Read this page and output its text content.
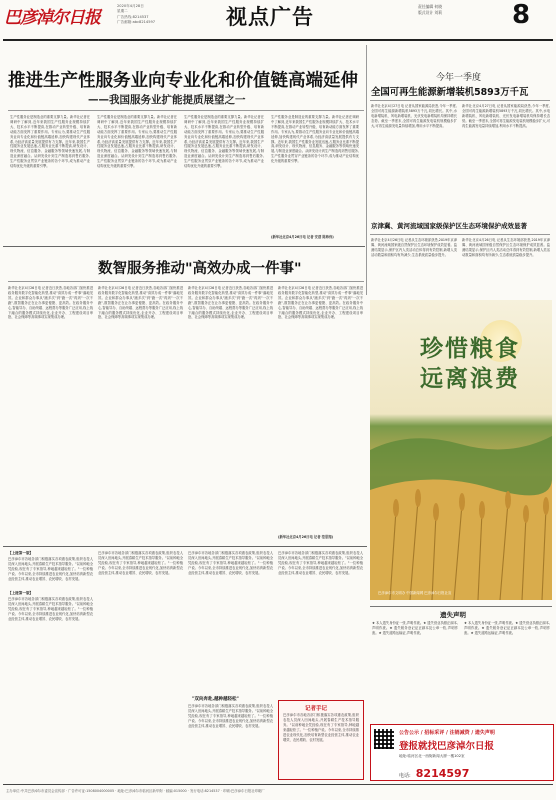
巴彦淖尔日报
2020年4月28日
星期二
广告热线:8214537
广告邮箱:abc8214597	视点广告	责任编辑 何晓
版式设计 刘莉	8
推进生产性服务业向专业化和价值链高端延伸
——我国服务业扩能提质展望之一
生产性服务业是制造业的重要支撑力量。新华社记者在调研中了解到,近年来我国生产性服务业规模持续扩大、技术水平不断提高,在推动产业转型升级、培育新动能方面发挥了重要作用。专家认为,要推动生产性服务业向专业化和价值链高端延伸,加快构建现代产业体系,为经济高质量发展提供有力支撑。近年来,我国生产性服务业发展迅速,占服务业比重不断提高,研发设计、现代物流、信息服务、金融服务等领域快速发展,与制造业深度融合。从研发设计到生产制造再到售后服务,生产性服务业贯穿产业链条的各个环节,成为推动产业结构优化升级的重要引擎。
生产性服务业是制造业的重要支撑力量。新华社记者在调研中了解到,近年来我国生产性服务业规模持续扩大、技术水平不断提高,在推动产业转型升级、培育新动能方面发挥了重要作用。专家认为,要推动生产性服务业向专业化和价值链高端延伸,加快构建现代产业体系,为经济高质量发展提供有力支撑。近年来,我国生产性服务业发展迅速,占服务业比重不断提高,研发设计、现代物流、信息服务、金融服务等领域快速发展,与制造业深度融合。从研发设计到生产制造再到售后服务,生产性服务业贯穿产业链条的各个环节,成为推动产业结构优化升级的重要引擎。
生产性服务业是制造业的重要支撑力量。新华社记者在调研中了解到,近年来我国生产性服务业规模持续扩大、技术水平不断提高,在推动产业转型升级、培育新动能方面发挥了重要作用。专家认为,要推动生产性服务业向专业化和价值链高端延伸,加快构建现代产业体系,为经济高质量发展提供有力支撑。近年来,我国生产性服务业发展迅速,占服务业比重不断提高,研发设计、现代物流、信息服务、金融服务等领域快速发展,与制造业深度融合。从研发设计到生产制造再到售后服务,生产性服务业贯穿产业链条的各个环节,成为推动产业结构优化升级的重要引擎。
生产性服务业是制造业的重要支撑力量。新华社记者在调研中了解到,近年来我国生产性服务业规模持续扩大、技术水平不断提高,在推动产业转型升级、培育新动能方面发挥了重要作用。专家认为,要推动生产性服务业向专业化和价值链高端延伸,加快构建现代产业体系,为经济高质量发展提供有力支撑。近年来,我国生产性服务业发展迅速,占服务业比重不断提高,研发设计、现代物流、信息服务、金融服务等领域快速发展,与制造业深度融合。从研发设计到生产制造再到售后服务,生产性服务业贯穿产业链条的各个环节,成为推动产业结构优化升级的重要引擎。
(新华社北京4月26日电 记者 安蓓 陈炜伟)
今年一季度
全国可再生能源新增装机5893万千瓦
新华社北京4月27日电 记者从国家能源局获悉,今年一季度,全国可再生能源新增装机5893万千瓦,同比增长。其中,水电新增装机、风电新增装机、光伏发电新增装机均保持增长态势。截至一季度末,全国可再生能源发电装机规模稳步扩大,可再生能源发电量持续增加,利用水平不断提高。
新华社北京4月27日电 记者从国家能源局获悉,今年一季度,全国可再生能源新增装机5893万千瓦,同比增长。其中,水电新增装机、风电新增装机、光伏发电新增装机均保持增长态势。截至一季度末,全国可再生能源发电装机规模稳步扩大,可再生能源发电量持续增加,利用水平不断提高。
京津冀、黄河流域国家级保护区生态环境保护成效显著
新华社北京4月26日电 记者从生态环境部获悉,2019年京津冀、黄河流域国家级自然保护区生态环境保护成效显著。监测结果显示,保护区内人类活动总体得到有效控制,新增人类活动数量和面积均有所减少,生态系统质量稳步提升。
新华社北京4月26日电 记者从生态环境部获悉,2019年京津冀、黄河流域国家级自然保护区生态环境保护成效显著。监测结果显示,保护区内人类活动总体得到有效控制,新增人类活动数量和面积均有所减少,生态系统质量稳步提升。
数智服务推动"高效办成一件事"
新华社北京4月26日电 记者近日获悉,各地各部门加快推进政务服务数字化智能化转型,推动"高效办成一件事"落地见效。企业和群众办事从"跑多次"到"跑一次"再到"一次不跑",数智服务正在让办事更便捷、更高效。在政务服务中心,智能导办、自助终端、远程帮办等服务广泛应用,线上线下融合的服务模式持续优化,企业开办、工程建设项目审批、社会保障等高频事项实现集成办理。
新华社北京4月26日电 记者近日获悉,各地各部门加快推进政务服务数字化智能化转型,推动"高效办成一件事"落地见效。企业和群众办事从"跑多次"到"跑一次"再到"一次不跑",数智服务正在让办事更便捷、更高效。在政务服务中心,智能导办、自助终端、远程帮办等服务广泛应用,线上线下融合的服务模式持续优化,企业开办、工程建设项目审批、社会保障等高频事项实现集成办理。
新华社北京4月26日电 记者近日获悉,各地各部门加快推进政务服务数字化智能化转型,推动"高效办成一件事"落地见效。企业和群众办事从"跑多次"到"跑一次"再到"一次不跑",数智服务正在让办事更便捷、更高效。在政务服务中心,智能导办、自助终端、远程帮办等服务广泛应用,线上线下融合的服务模式持续优化,企业开办、工程建设项目审批、社会保障等高频事项实现集成办理。
新华社北京4月26日电 记者近日获悉,各地各部门加快推进政务服务数字化智能化转型,推动"高效办成一件事"落地见效。企业和群众办事从"跑多次"到"跑一次"再到"一次不跑",数智服务正在让办事更便捷、更高效。在政务服务中心,智能导办、自助终端、远程帮办等服务广泛应用,线上线下融合的服务模式持续优化,企业开办、工程建设项目审批、社会保障等高频事项实现集成办理。
(新华社北京4月26日电 记者 范思翔)
珍惜粮食
远离浪费
巴彦淖尔市文明办 中国新闻网 巴彦淖尔日报社宣
【上接第一版】
巴彦淖尔市各地各部门积极落实各项惠农政策,组织农技人员深入田间地头,开展春耕生产技术指导服务。"以前种地全凭经验,现在有了专家指导,种地越来越轻松了。"一位种植户说。今年以来,全市持续推进农业现代化,加快培育新型农业经营主体,推动农业增效、农民增收、农村发展。
【上接第一版】
巴彦淖尔市各地各部门积极落实各项惠农政策,组织农技人员深入田间地头,开展春耕生产技术指导服务。"以前种地全凭经验,现在有了专家指导,种地越来越轻松了。"一位种植户说。今年以来,全市持续推进农业现代化,加快培育新型农业经营主体,推动农业增效、农民增收、农村发展。
巴彦淖尔市各地各部门积极落实各项惠农政策,组织农技人员深入田间地头,开展春耕生产技术指导服务。"以前种地全凭经验,现在有了专家指导,种地越来越轻松了。"一位种植户说。今年以来,全市持续推进农业现代化,加快培育新型农业经营主体,推动农业增效、农民增收、农村发展。
巴彦淖尔市各地各部门积极落实各项惠农政策,组织农技人员深入田间地头,开展春耕生产技术指导服务。"以前种地全凭经验,现在有了专家指导,种地越来越轻松了。"一位种植户说。今年以来,全市持续推进农业现代化,加快培育新型农业经营主体,推动农业增效、农民增收、农村发展。
"双向奔赴,越种越轻松"
巴彦淖尔市各地各部门积极落实各项惠农政策,组织农技人员深入田间地头,开展春耕生产技术指导服务。"以前种地全凭经验,现在有了专家指导,种地越来越轻松了。"一位种植户说。今年以来,全市持续推进农业现代化,加快培育新型农业经营主体,推动农业增效、农民增收、农村发展。
巴彦淖尔市各地各部门积极落实各项惠农政策,组织农技人员深入田间地头,开展春耕生产技术指导服务。"以前种地全凭经验,现在有了专家指导,种地越来越轻松了。"一位种植户说。今年以来,全市持续推进农业现代化,加快培育新型农业经营主体,推动农业增效、农民增收、农村发展。
记者手记
巴彦淖尔市各地各部门积极落实各项惠农政策,组织农技人员深入田间地头,开展春耕生产技术指导服务。"以前种地全凭经验,现在有了专家指导,种地越来越轻松了。"一位种植户说。今年以来,全市持续推进农业现代化,加快培育新型农业经营主体,推动农业增效、农民增收、农村发展。
遗失声明
★ 本人遗失身份证一张,声明作废。★ 遗失营业执照正副本,声明作废。★ 遗失税务登记证正副本及公章一枚,声明作废。★ 遗失道路运输证,声明作废。
★ 本人遗失身份证一张,声明作废。★ 遗失营业执照正副本,声明作废。★ 遗失税务登记证正副本及公章一枚,声明作废。★ 遗失道路运输证,声明作废。
公告公示 / 招标采评 / 注销减资 / 遗失声明
登报就找巴彦淖尔日报
地址:临河区北一西街新闻大厦一楼102室
电话: 8214597
主办单位:中共巴彦淖尔市委员会宣传部 · 广告许可证:1508004000005 · 地址:巴彦淖尔市临河区新华街 · 邮编:015000 · 发行电话:8214537 · 印刷:巴彦淖尔日报社印刷厂
